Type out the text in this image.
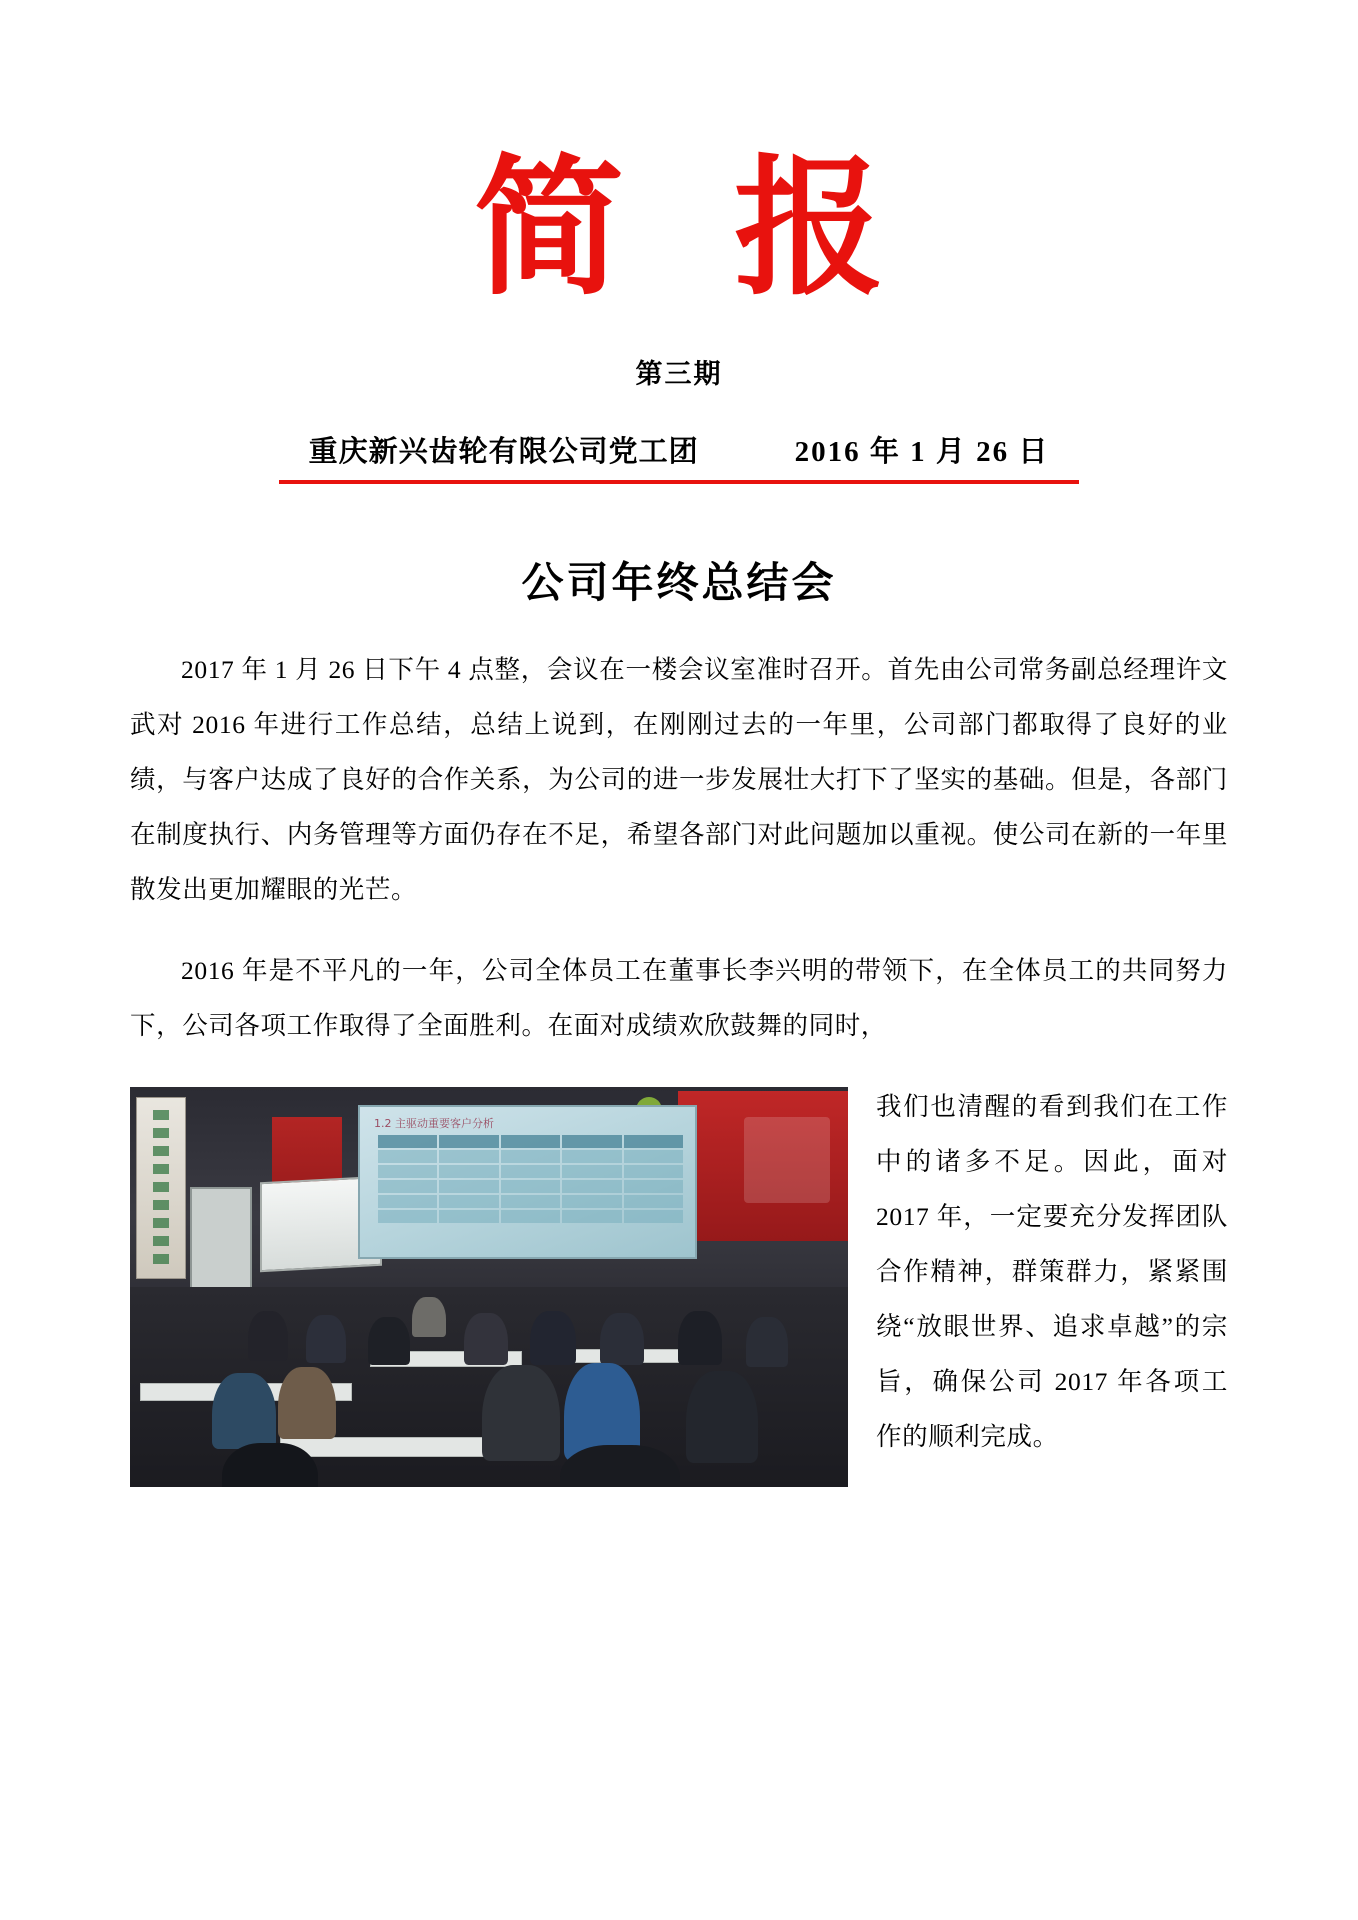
简报
第三期
重庆新兴齿轮有限公司党工团	2016 年 1 月 26 日
公司年终总结会

2017 年 1 月 26 日下午 4 点整，会议在一楼会议室准时召开。首先由公司常务副总经理许文武对 2016 年进行工作总结，总结上说到，在刚刚过去的一年里，公司部门都取得了良好的业绩，与客户达成了良好的合作关系，为公司的进一步发展壮大打下了坚实的基础。但是，各部门在制度执行、内务管理等方面仍存在不足，希望各部门对此问题加以重视。使公司在新的一年里散发出更加耀眼的光芒。

2016 年是不平凡的一年，公司全体员工在董事长李兴明的带领下，在全体员工的共同努力下，公司各项工作取得了全面胜利。在面对成绩欢欣鼓舞的同时，

1.2 主驱动重要客户分析
我们也清醒的看到我们在工作中的诸多不足。因此，面对 2017 年，一定要充分发挥团队合作精神，群策群力，紧紧围绕“放眼世界、追求卓越”的宗旨，确保公司 2017 年各项工作的顺利完成。
